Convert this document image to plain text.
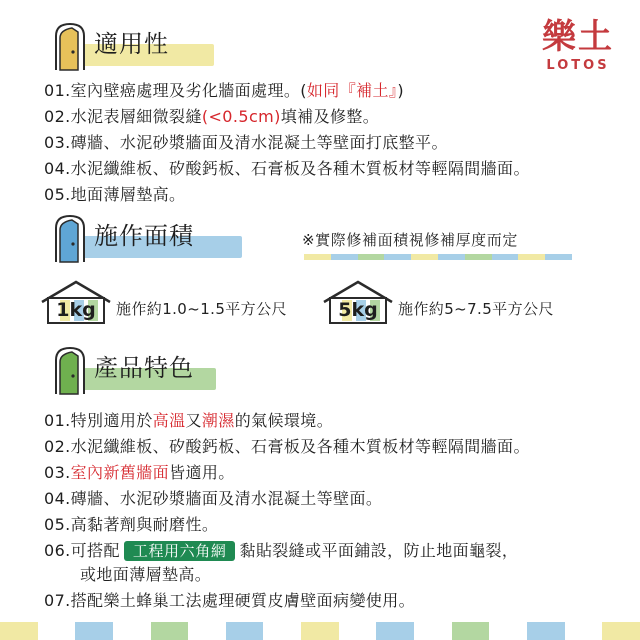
樂土
LOTOS
適用性
01.室內壁癌處理及劣化牆面處理。(如同『補土』)
02.水泥表層細微裂縫(<0.5cm)填補及修整。
03.磚牆、水泥砂漿牆面及清水混凝土等壁面打底整平。
04.水泥纖維板、矽酸鈣板、石膏板及各種木質板材等輕隔間牆面。
05.地面薄層墊高。
施作面積	※實際修補面積視修補厚度而定
1kg	施作約1.0~1.5平方公尺	5kg	施作約5~7.5平方公尺
產品特色
01.特別適用於高溫又潮濕的氣候環境。
02.水泥纖維板、矽酸鈣板、石膏板及各種木質板材等輕隔間牆面。
03.室內新舊牆面皆適用。
04.磚牆、水泥砂漿牆面及清水混凝土等壁面。
05.高黏著劑與耐磨性。
06.可搭配 工程用六角網 黏貼裂縫或平面鋪設，防止地面龜裂，
或地面薄層墊高。
07.搭配樂土蜂巢工法處理硬質皮膚壁面病變使用。
